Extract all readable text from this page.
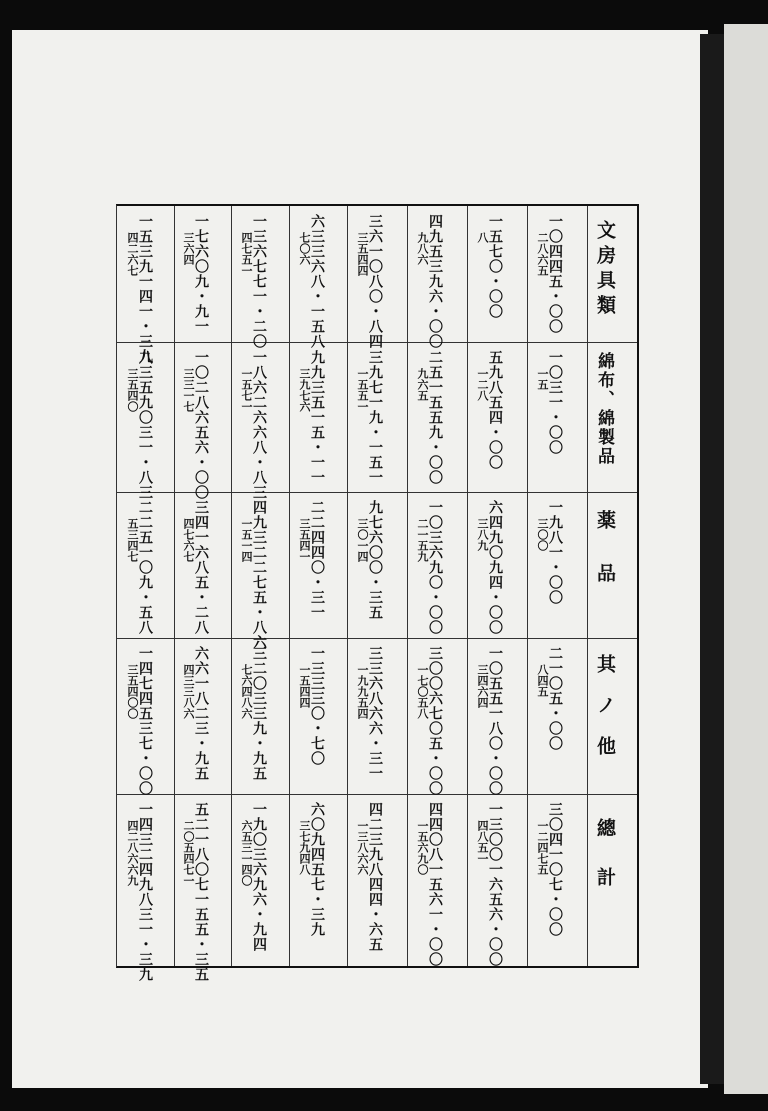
文房具類
綿布、綿製品
薬品
其ノ他
總計
一〇四四五・〇〇
二八六五
一〇三一・〇〇
一五
一九八一・〇〇
三〇〇
二一〇五・〇〇
八四五
三〇四一〇七・〇〇
一二四七五
一五七〇・〇〇
八
五九八五四・〇〇
一二八
六四九〇九四・〇〇
三八九
一〇五五一八〇・〇〇
三四六四
一三〇〇一六五六・〇〇
四八五一
四九五三九六・〇〇
九八六
二五一五五九・〇〇
九六五
一〇三六九〇・〇〇
二一五九
三〇〇六七〇五・〇〇
一七〇五八
四四〇八一五六一・〇〇
一五六九〇
三六一〇八〇・八四
三五四四
三九七一九・一五一
一五五一
九七六〇〇・三五
三〇一四
三三六八六六・三一
一九九五四
四二三九八四四・六五
一三八六六
六三三六八・一五八
七〇六
九九三五一五・一一
三九七六
二二四四〇・三一
三五四一
一三三三〇・七〇
一五四四
六〇九四五七・三九
三七九四八
一三六七七一・二〇
四七五一
一八六二六六八・八三
一五七一
四九三二二七五・八六
一五一四
三二〇三三九・九五
七六四八六
一九〇三六九六・九四
六五三一四〇
一七六〇九・九一
三六四
一〇二八六五六・〇〇
三三一七
三四一六八五・二八
四七六七
六六一八二三・九五
四三三八六
五二一八〇七一五五・三五
二〇五四七一
一五三九一四一・三九
四二六七
八三五九〇三一・八三
三五四〇
二二五一〇九・五八
五三四七
一四七四五三七・〇〇
三五四〇〇
一四三二四九八三一・三九
四二八六六九
